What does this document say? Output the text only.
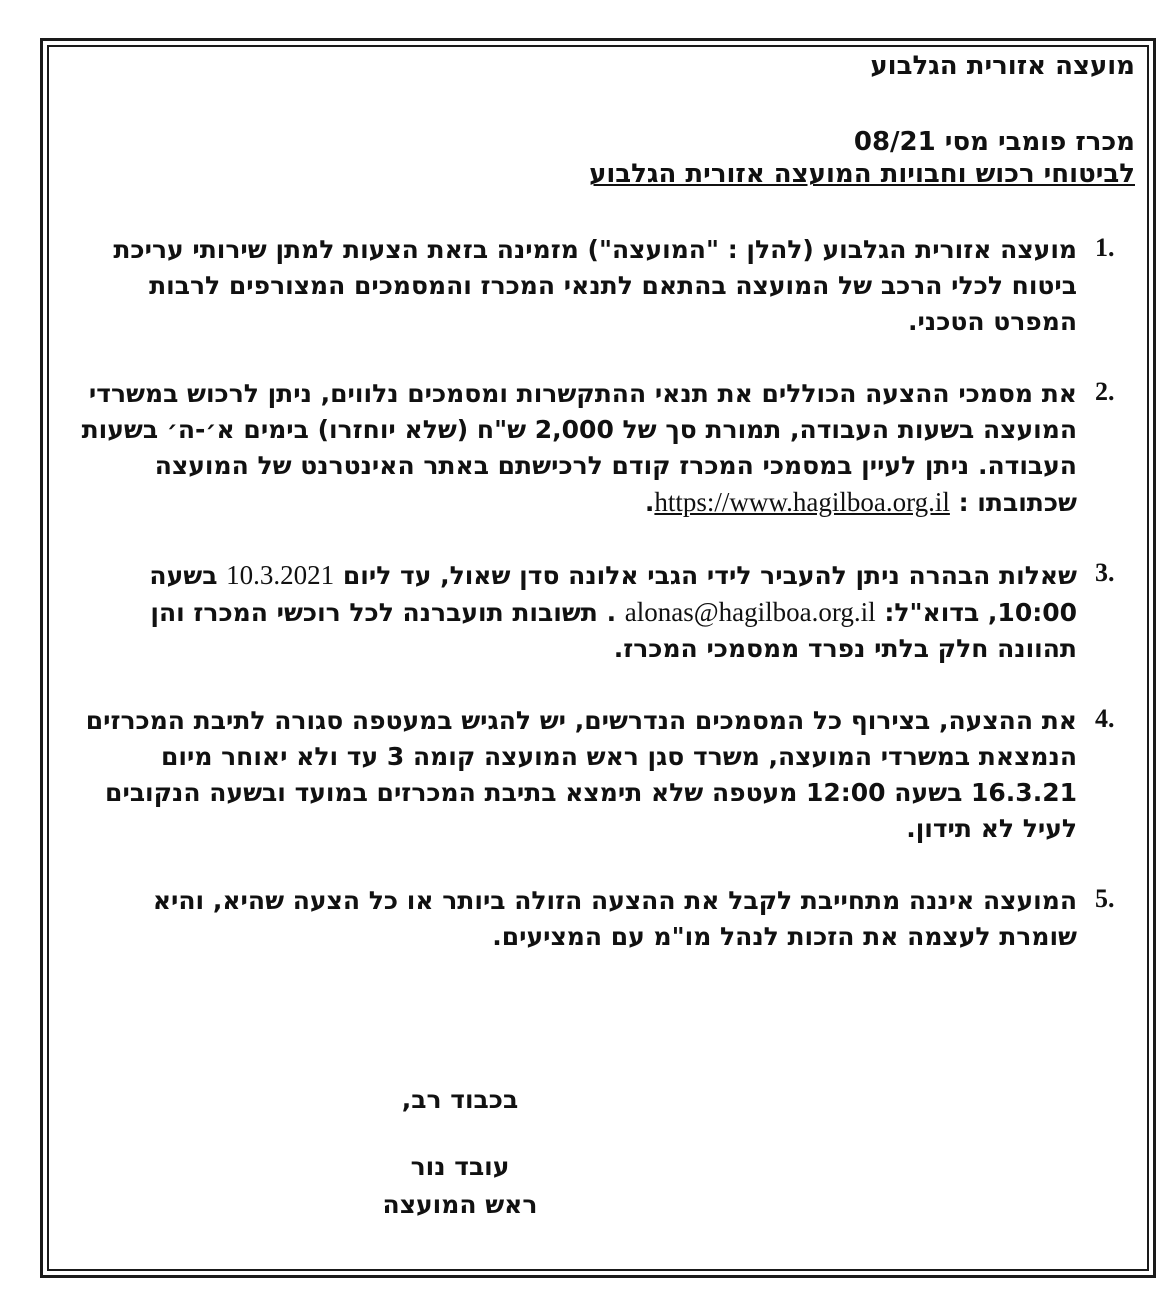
מועצה אזורית הגלבוע

מכרז פומבי מסי 08/21
לביטוחי רכוש וחבויות המועצה אזורית הגלבוע
1.
מועצה אזורית הגלבוע (להלן : "המועצה") מזמינה בזאת הצעות למתן שירותי עריכת ביטוח לכלי הרכב של המועצה בהתאם לתנאי המכרז והמסמכים המצורפים לרבות המפרט הטכני.
2.
את מסמכי ההצעה הכוללים את תנאי ההתקשרות ומסמכים נלווים, ניתן לרכוש במשרדי המועצה בשעות העבודה, תמורת סך של 2,000 ש"ח (שלא יוחזרו) בימים א׳-ה׳ בשעות העבודה. ניתן לעיין במסמכי המכרז קודם לרכישתם באתר האינטרנט של המועצה שכתובתו : https://www.hagilboa.org.il.
3.
שאלות הבהרה ניתן להעביר לידי הגבי אלונה סדן שאול, עד ליום 10.3.2021 בשעה 10:00, בדוא"ל: alonas@hagilboa.org.il . תשובות תועברנה לכל רוכשי המכרז והן תהוונה חלק בלתי נפרד ממסמכי המכרז.
4.
את ההצעה, בצירוף כל המסמכים הנדרשים, יש להגיש במעטפה סגורה לתיבת המכרזים הנמצאת במשרדי המועצה, משרד סגן ראש המועצה קומה 3 עד ולא יאוחר מיום 16.3.21 בשעה 12:00 מעטפה שלא תימצא בתיבת המכרזים במועד ובשעה הנקובים לעיל לא תידון.
5.
המועצה איננה מתחייבת לקבל את ההצעה הזולה ביותר או כל הצעה שהיא, והיא שומרת לעצמה את הזכות לנהל מו"מ עם המציעים.
בכבוד רב,
עובד נור
ראש המועצה
